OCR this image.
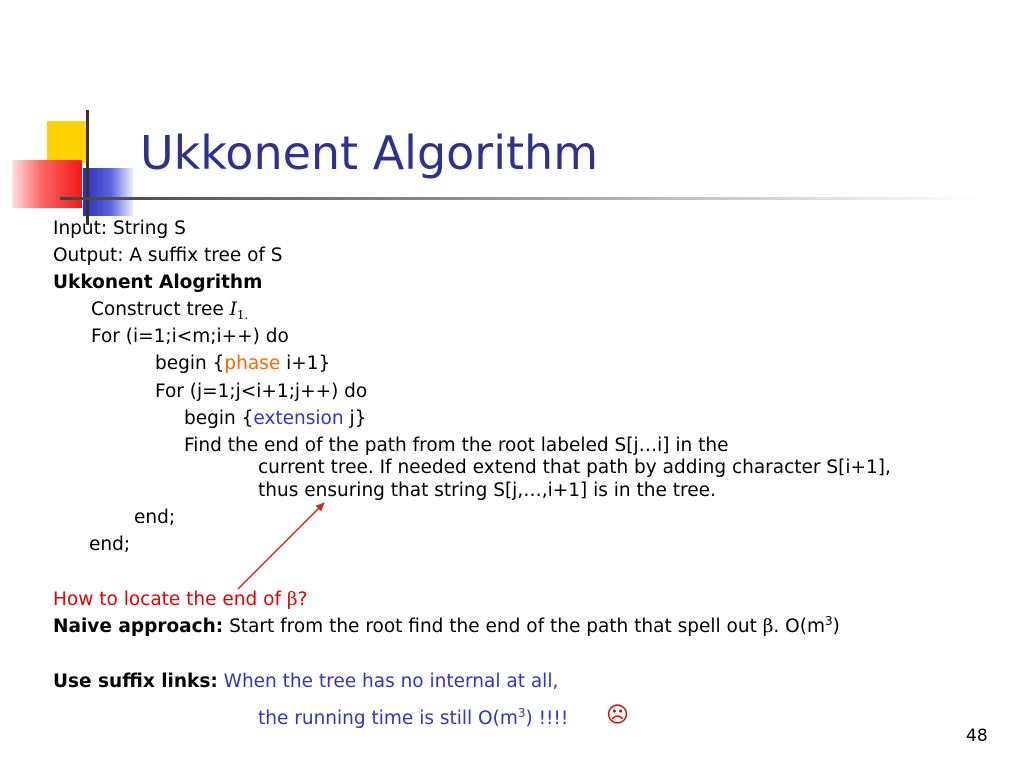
Ukkonent Algorithm
Input: String S
Output: A suffix tree of S
Ukkonent Alogrithm
Construct tree $I_{1.}$
For (i=1;i<m;i++) do
begin {phase i+1}
For (j=1;j<i+1;j++) do
begin {extension j}
Find the end of the path from the root labeled S[j…i] in the
current tree. If needed extend that path by adding character S[i+1],
thus ensuring that string S[j,…,i+1] is in the tree.
end;
end;
How to locate the end of β?
Naive approach: Start from the root find the end of the path that spell out β. $O(m^3)$
Use suffix links: When the tree has no internal at all,
the running time is still $O(m^3)$ !!!! ☹
48
